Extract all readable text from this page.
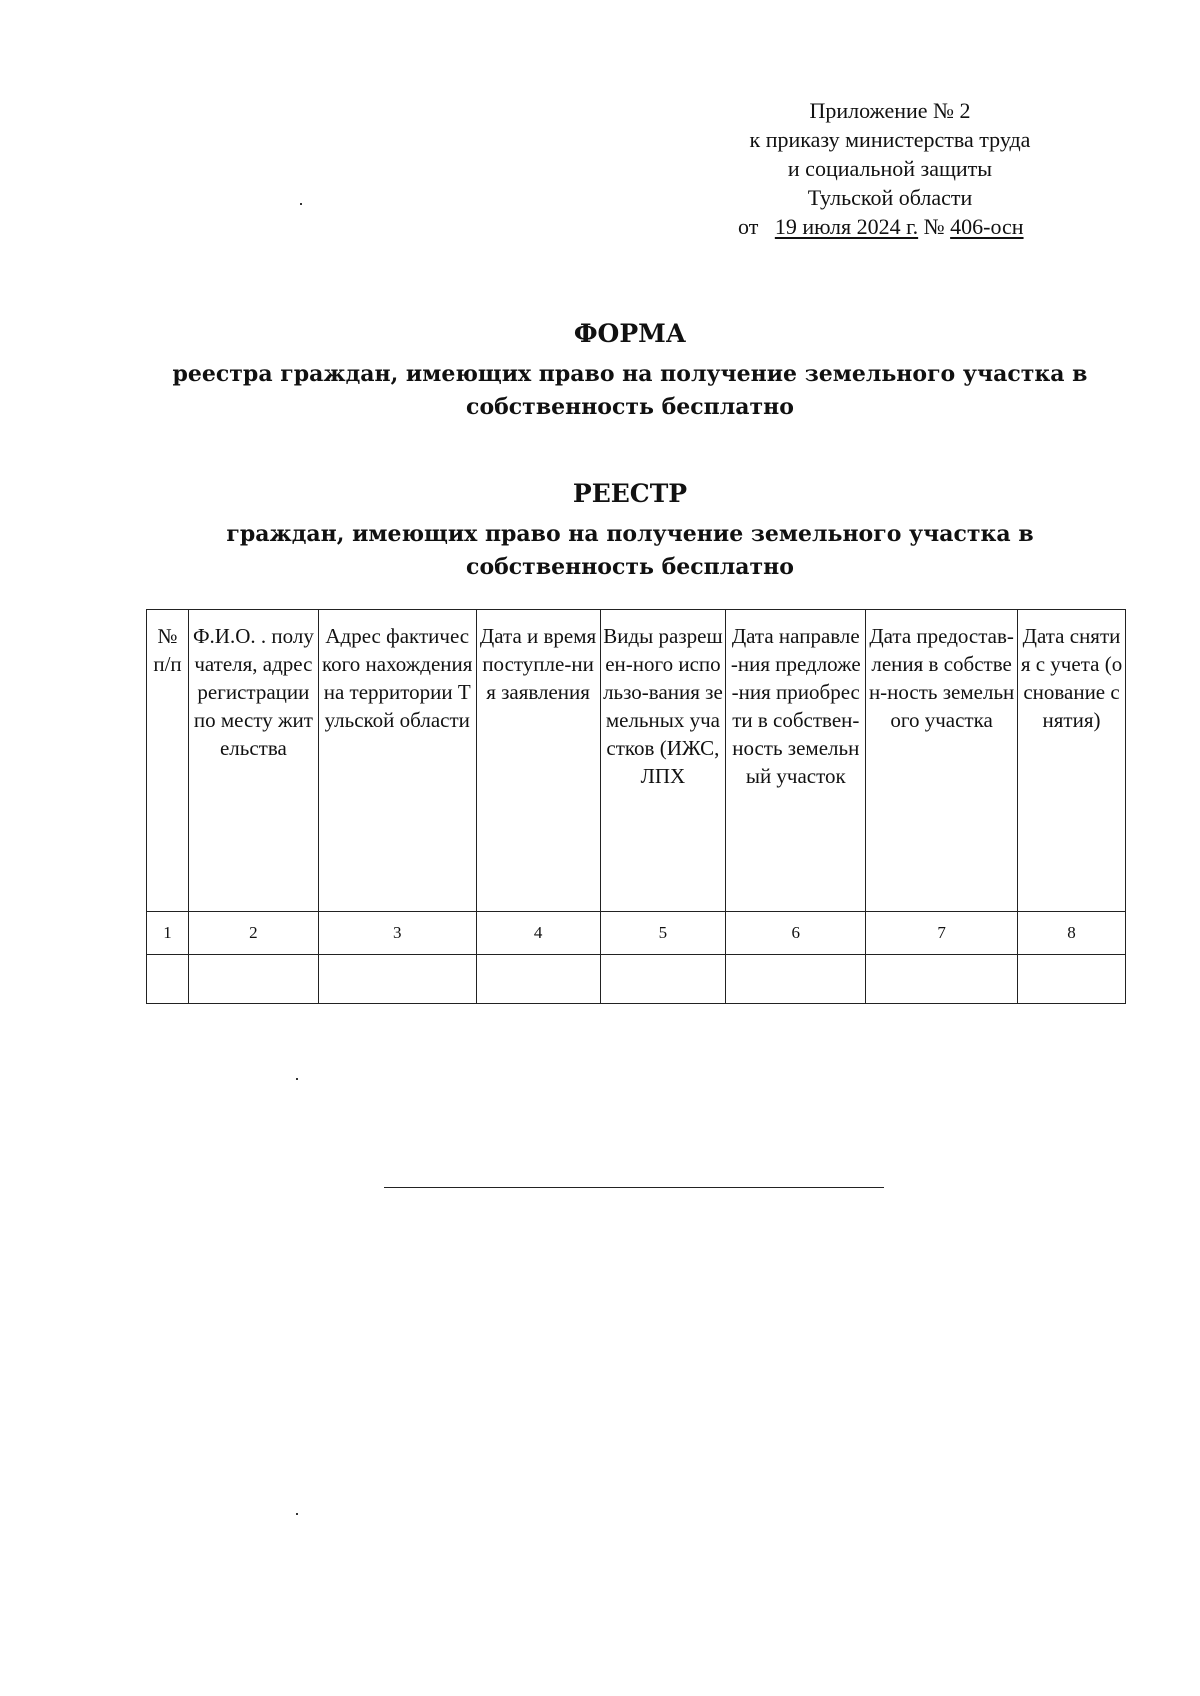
Приложение № 2
к приказу министерства труда
и социальной защиты
Тульской области
от 19 июля 2024 г. № 406-осн
ФОРМА
реестра граждан, имеющих право на получение земельного участка в собственность бесплатно
РЕЕСТР
граждан, имеющих право на получение земельного участка в собственность бесплатно
№ п/п	Ф.И.О. . получателя, адрес регистрации по месту жительства	Адрес фактического нахождения на территории Тульской области	Дата и время поступле-ния заявления	Виды разрешен-ного использо-вания земельных участков (ИЖС, ЛПХ	Дата направле-ния предложе-ния приобрести в собствен-ность земельный участок	Дата предостав-ления в собствен-ность земельного участка	Дата снятия с учета (основание снятия)
1	2	3	4	5	6	7	8
